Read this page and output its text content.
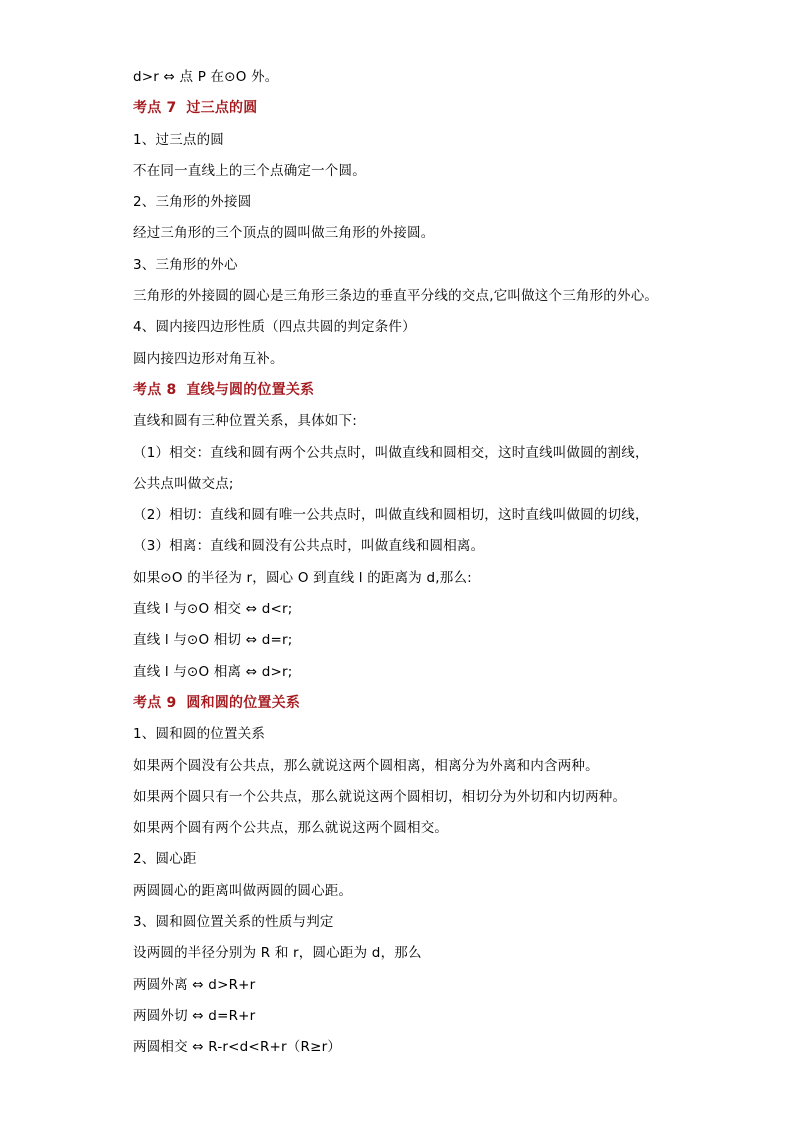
d>r ⇔ 点 P 在⊙O 外。
考点 7 过三点的圆
1、过三点的圆
不在同一直线上的三个点确定一个圆。
2、三角形的外接圆
经过三角形的三个顶点的圆叫做三角形的外接圆。
3、三角形的外心
三角形的外接圆的圆心是三角形三条边的垂直平分线的交点,它叫做这个三角形的外心。
4、圆内接四边形性质（四点共圆的判定条件）
圆内接四边形对角互补。
考点 8 直线与圆的位置关系
直线和圆有三种位置关系，具体如下:
（1）相交：直线和圆有两个公共点时，叫做直线和圆相交，这时直线叫做圆的割线，
公共点叫做交点;
（2）相切：直线和圆有唯一公共点时，叫做直线和圆相切，这时直线叫做圆的切线，
（3）相离：直线和圆没有公共点时，叫做直线和圆相离。
如果⊙O 的半径为 r，圆心 O 到直线 l 的距离为 d,那么:
直线 l 与⊙O 相交 ⇔ d<r;
直线 l 与⊙O 相切 ⇔ d=r;
直线 l 与⊙O 相离 ⇔ d>r;
考点 9 圆和圆的位置关系
1、圆和圆的位置关系
如果两个圆没有公共点，那么就说这两个圆相离，相离分为外离和内含两种。
如果两个圆只有一个公共点，那么就说这两个圆相切，相切分为外切和内切两种。
如果两个圆有两个公共点，那么就说这两个圆相交。
2、圆心距
两圆圆心的距离叫做两圆的圆心距。
3、圆和圆位置关系的性质与判定
设两圆的半径分别为 R 和 r，圆心距为 d，那么
两圆外离 ⇔ d>R+r
两圆外切 ⇔ d=R+r
两圆相交 ⇔ R-r<d<R+r（R≥r）
